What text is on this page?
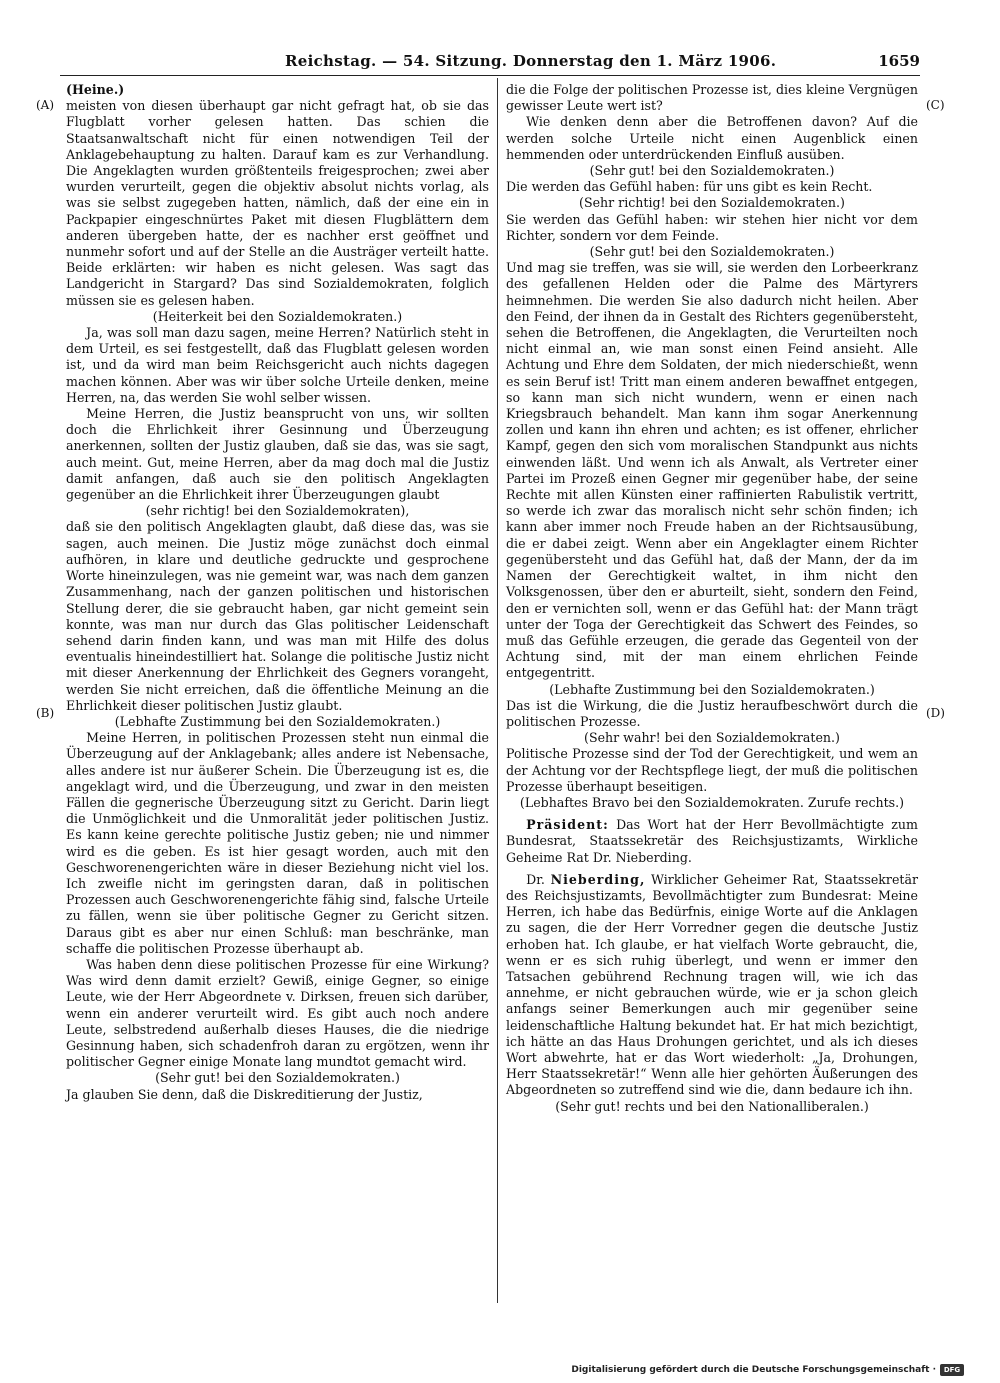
Reichstag. — 54. Sitzung. Donnerstag den 1. März 1906.	1659
(A)
(B)
(C)
(D)

(Heine.)

meisten von diesen überhaupt gar nicht gefragt hat, ob sie das Flugblatt vorher gelesen hatten. Das schien die Staatsanwaltschaft nicht für einen notwendigen Teil der Anklagebehauptung zu halten. Darauf kam es zur Verhandlung. Die Angeklagten wurden größtenteils freigesprochen; zwei aber wurden verurteilt, gegen die objektiv absolut nichts vorlag, als was sie selbst zugegeben hatten, nämlich, daß der eine ein in Packpapier eingeschnürtes Paket mit diesen Flugblättern dem anderen übergeben hatte, der es nachher erst geöffnet und nunmehr sofort und auf der Stelle an die Austräger verteilt hatte. Beide erklärten: wir haben es nicht gelesen. Was sagt das Landgericht in Stargard? Das sind Sozialdemokraten, folglich müssen sie es gelesen haben.

(Heiterkeit bei den Sozialdemokraten.)

Ja, was soll man dazu sagen, meine Herren? Natürlich steht in dem Urteil, es sei festgestellt, daß das Flugblatt gelesen worden ist, und da wird man beim Reichsgericht auch nichts dagegen machen können. Aber was wir über solche Urteile denken, meine Herren, na, das werden Sie wohl selber wissen.

Meine Herren, die Justiz beansprucht von uns, wir sollten doch die Ehrlichkeit ihrer Gesinnung und Überzeugung anerkennen, sollten der Justiz glauben, daß sie das, was sie sagt, auch meint. Gut, meine Herren, aber da mag doch mal die Justiz damit anfangen, daß auch sie den politisch Angeklagten gegenüber an die Ehrlichkeit ihrer Überzeugungen glaubt

(sehr richtig! bei den Sozialdemokraten),

daß sie den politisch Angeklagten glaubt, daß diese das, was sie sagen, auch meinen. Die Justiz möge zunächst doch einmal aufhören, in klare und deutliche gedruckte und gesprochene Worte hineinzulegen, was nie gemeint war, was nach dem ganzen Zusammenhang, nach der ganzen politischen und historischen Stellung derer, die sie gebraucht haben, gar nicht gemeint sein konnte, was man nur durch das Glas politischer Leidenschaft sehend darin finden kann, und was man mit Hilfe des dolus eventualis hineindestilliert hat. Solange die politische Justiz nicht mit dieser Anerkennung der Ehrlichkeit des Gegners vorangeht, werden Sie nicht erreichen, daß die öffentliche Meinung an die Ehrlichkeit dieser politischen Justiz glaubt.

(Lebhafte Zustimmung bei den Sozialdemokraten.)

Meine Herren, in politischen Prozessen steht nun einmal die Überzeugung auf der Anklagebank; alles andere ist Nebensache, alles andere ist nur äußerer Schein. Die Überzeugung ist es, die angeklagt wird, und die Überzeugung, und zwar in den meisten Fällen die gegnerische Überzeugung sitzt zu Gericht. Darin liegt die Unmöglichkeit und die Unmoralität jeder politischen Justiz. Es kann keine gerechte politische Justiz geben; nie und nimmer wird es die geben. Es ist hier gesagt worden, auch mit den Geschworenengerichten wäre in dieser Beziehung nicht viel los. Ich zweifle nicht im geringsten daran, daß in politischen Prozessen auch Geschworenengerichte fähig sind, falsche Urteile zu fällen, wenn sie über politische Gegner zu Gericht sitzen. Daraus gibt es aber nur einen Schluß: man beschränke, man schaffe die politischen Prozesse überhaupt ab.

Was haben denn diese politischen Prozesse für eine Wirkung? Was wird denn damit erzielt? Gewiß, einige Gegner, so einige Leute, wie der Herr Abgeordnete v. Dirksen, freuen sich darüber, wenn ein anderer verurteilt wird. Es gibt auch noch andere Leute, selbstredend außerhalb dieses Hauses, die die niedrige Gesinnung haben, sich schadenfroh daran zu ergötzen, wenn ihr politischer Gegner einige Monate lang mundtot gemacht wird.

(Sehr gut! bei den Sozialdemokraten.)

Ja glauben Sie denn, daß die Diskreditierung der Justiz,

die die Folge der politischen Prozesse ist, dies kleine Vergnügen gewisser Leute wert ist?

Wie denken denn aber die Betroffenen davon? Auf die werden solche Urteile nicht einen Augenblick einen hemmenden oder unterdrückenden Einfluß ausüben.

(Sehr gut! bei den Sozialdemokraten.)

Die werden das Gefühl haben: für uns gibt es kein Recht.

(Sehr richtig! bei den Sozialdemokraten.)

Sie werden das Gefühl haben: wir stehen hier nicht vor dem Richter, sondern vor dem Feinde.

(Sehr gut! bei den Sozialdemokraten.)

Und mag sie treffen, was sie will, sie werden den Lorbeerkranz des gefallenen Helden oder die Palme des Märtyrers heimnehmen. Die werden Sie also dadurch nicht heilen. Aber den Feind, der ihnen da in Gestalt des Richters gegenübersteht, sehen die Betroffenen, die Angeklagten, die Verurteilten noch nicht einmal an, wie man sonst einen Feind ansieht. Alle Achtung und Ehre dem Soldaten, der mich niederschießt, wenn es sein Beruf ist! Tritt man einem anderen bewaffnet entgegen, so kann man sich nicht wundern, wenn er einen nach Kriegsbrauch behandelt. Man kann ihm sogar Anerkennung zollen und kann ihn ehren und achten; es ist offener, ehrlicher Kampf, gegen den sich vom moralischen Standpunkt aus nichts einwenden läßt. Und wenn ich als Anwalt, als Vertreter einer Partei im Prozeß einen Gegner mir gegenüber habe, der seine Rechte mit allen Künsten einer raffinierten Rabulistik vertritt, so werde ich zwar das moralisch nicht sehr schön finden; ich kann aber immer noch Freude haben an der Richtsausübung, die er dabei zeigt. Wenn aber ein Angeklagter einem Richter gegenübersteht und das Gefühl hat, daß der Mann, der da im Namen der Gerechtigkeit waltet, in ihm nicht den Volksgenossen, über den er aburteilt, sieht, sondern den Feind, den er vernichten soll, wenn er das Gefühl hat: der Mann trägt unter der Toga der Gerechtigkeit das Schwert des Feindes, so muß das Gefühle erzeugen, die gerade das Gegenteil von der Achtung sind, mit der man einem ehrlichen Feinde entgegentritt.

(Lebhafte Zustimmung bei den Sozialdemokraten.)

Das ist die Wirkung, die die Justiz heraufbeschwört durch die politischen Prozesse.

(Sehr wahr! bei den Sozialdemokraten.)

Politische Prozesse sind der Tod der Gerechtigkeit, und wem an der Achtung vor der Rechtspflege liegt, der muß die politischen Prozesse überhaupt beseitigen.

(Lebhaftes Bravo bei den Sozialdemokraten. Zurufe rechts.)

Präsident: Das Wort hat der Herr Bevollmächtigte zum Bundesrat, Staatssekretär des Reichsjustizamts, Wirkliche Geheime Rat Dr. Nieberding.

Dr. Nieberding, Wirklicher Geheimer Rat, Staatssekretär des Reichsjustizamts, Bevollmächtigter zum Bundesrat: Meine Herren, ich habe das Bedürfnis, einige Worte auf die Anklagen zu sagen, die der Herr Vorredner gegen die deutsche Justiz erhoben hat. Ich glaube, er hat vielfach Worte gebraucht, die, wenn er es sich ruhig überlegt, und wenn er immer den Tatsachen gebührend Rechnung tragen will, wie ich das annehme, er nicht gebrauchen würde, wie er ja schon gleich anfangs seiner Bemerkungen auch mir gegenüber seine leidenschaftliche Haltung bekundet hat. Er hat mich bezichtigt, ich hätte an das Haus Drohungen gerichtet, und als ich dieses Wort abwehrte, hat er das Wort wiederholt: „Ja, Drohungen, Herr Staatssekretär!“ Wenn alle hier gehörten Äußerungen des Abgeordneten so zutreffend sind wie die, dann bedaure ich ihn.

(Sehr gut! rechts und bei den Nationalliberalen.)

Digitalisierung gefördert durch die Deutsche Forschungsgemeinschaft ·	DFG
